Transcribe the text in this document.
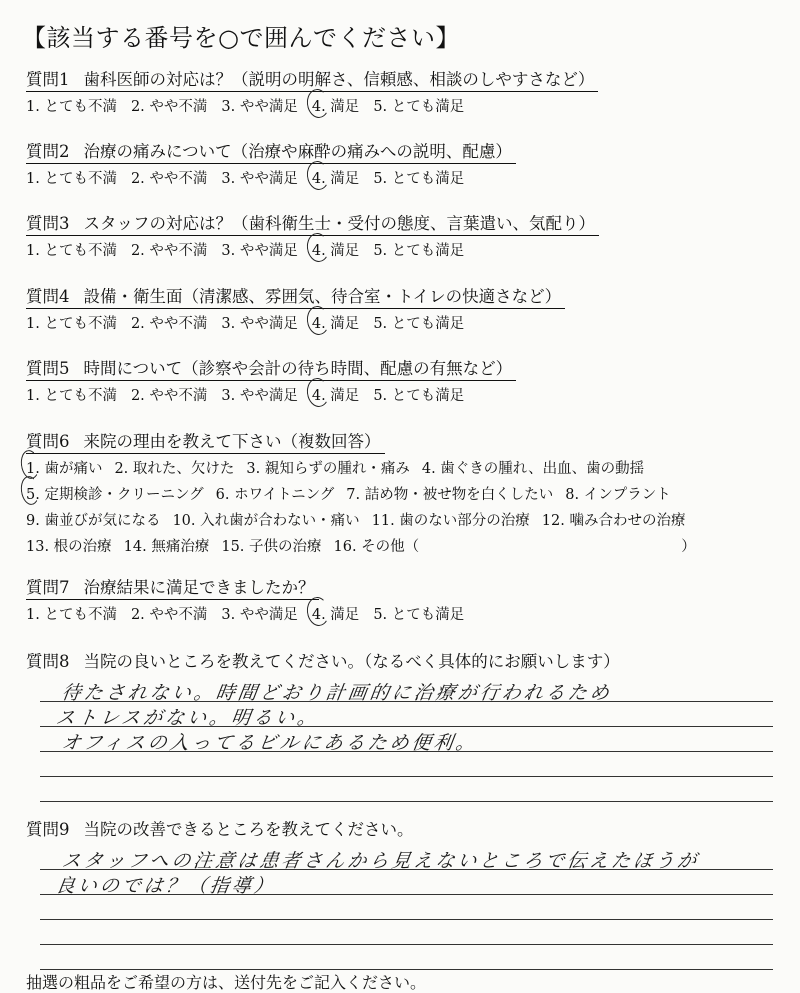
【該当する番号を○で囲んでください】
質問1 歯科医師の対応は？（説明の明解さ、信頼感、相談のしやすさなど）
1. とても不満 2. やや不満 3. やや満足 4. 満足 5. とても満足
質問2 治療の痛みについて（治療や麻酔の痛みへの説明、配慮）
1. とても不満 2. やや不満 3. やや満足 4. 満足 5. とても満足
質問3 スタッフの対応は？（歯科衛生士・受付の態度、言葉遣い、気配り）
1. とても不満 2. やや不満 3. やや満足 4. 満足 5. とても満足
質問4 設備・衛生面（清潔感、雰囲気、待合室・トイレの快適さなど）
1. とても不満 2. やや不満 3. やや満足 4. 満足 5. とても満足
質問5 時間について（診察や会計の待ち時間、配慮の有無など）
1. とても不満 2. やや不満 3. やや満足 4. 満足 5. とても満足
質問6 来院の理由を教えて下さい（複数回答）
1. 歯が痛い 2. 取れた、欠けた 3. 親知らずの腫れ・痛み 4. 歯ぐきの腫れ、出血、歯の動揺
5. 定期検診・クリーニング 6. ホワイトニング 7. 詰め物・被せ物を白くしたい 8. インプラント
9. 歯並びが気になる 10. 入れ歯が合わない・痛い 11. 歯のない部分の治療 12. 噛み合わせの治療
13. 根の治療 14. 無痛治療 15. 子供の治療 16. その他（	）
質問7 治療結果に満足できましたか？
1. とても不満 2. やや不満 3. やや満足 4. 満足 5. とても満足
質問8 当院の良いところを教えてください。（なるべく具体的にお願いします）
待たされない。時間どおり計画的に治療が行われるため
ストレスがない。明るい。
オフィスの入ってるビルにあるため便利。
質問9 当院の改善できるところを教えてください。
スタッフへの注意は患者さんから見えないところで伝えたほうが
良いのでは？（指導）
抽選の粗品をご希望の方は、送付先をご記入ください。
